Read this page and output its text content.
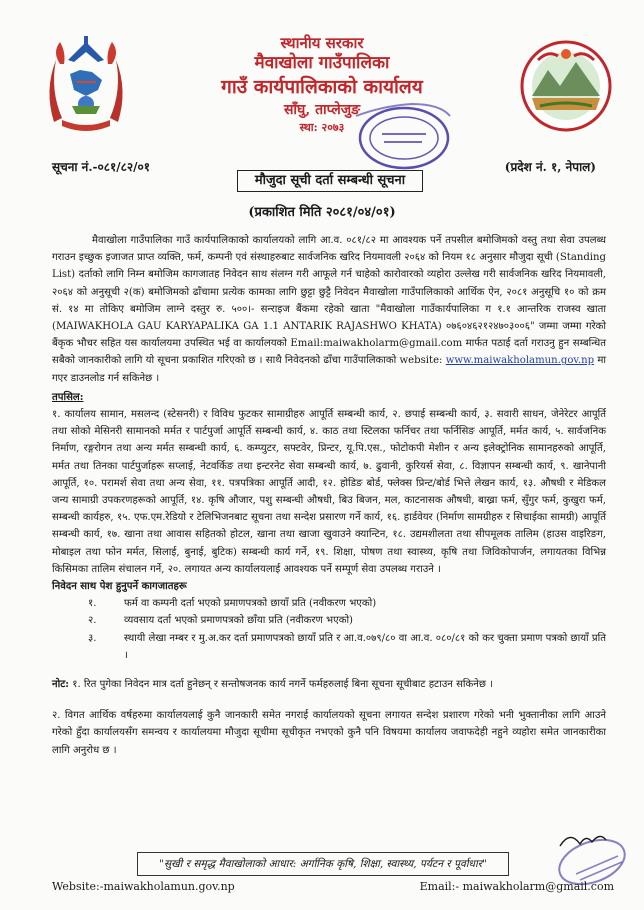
स्थानीय सरकार
मैवाखोला गाउँपालिका
गाउँ कार्यपालिकाको कार्यालय
साँघु, ताप्लेजुङ
स्था: २०७३
सूचना नं.-०८१/८२/०१	(प्रदेश नं. १, नेपाल)
मौजुदा सूची दर्ता सम्बन्धी सूचना
(प्रकाशित मिति २०८१/०४/०१)

मैवाखोला गाउँपालिका गाउँ कार्यपालिकाको कार्यालयको लागि आ.व. ०८१/८२ मा आवश्यक पर्ने तपसील बमोजिमको वस्तु तथा सेवा उपलब्ध गराउन इच्छुक इजाजत प्राप्त व्यक्ति, फर्म, कम्पनी एवं संस्थाहरुबाट सार्वजनिक खरिद नियमावली २०६४ को नियम १८ अनुसार मौजुदा सूची (Standing List) दर्ताको लागि निम्न बमोजिम कागजातह निवेदन साथ संलग्न गरी आफूले गर्न चाहेको कारोवारको व्यहोरा उल्लेख गरी सार्वजनिक खरिद नियमावली, २०६४ को अनुसूची २(क) बमोजिमको ढाँचामा प्रत्येक कामका लागि छुट्टा छुट्टै निवेदन मैवाखोला गाउँपालिकाको आर्थिक ऐन, २०८१ अनुसूचि १० को क्रम सं. १४ मा तोकिए बमोजिम लाग्ने दस्तुर रु. ५००।- सन्‍राइज बैंकमा रहेको खाता "मैवाखोला गाउँकार्यपालिका ग १.१ आन्तरिक राजस्व खाता (MAIWAKHOLA GAU KARYAPALIKA GA 1.1 ANTARIK RAJASHWO KHATA) ०७६०४६२१२४७०३००६" जम्मा जम्मा गरेको बैंकृक भौचर सहित यस कार्यालयमा उपस्थित भई वा कार्यालयको Email:maiwakholarm@gmail.com मार्फत पठाई दर्ता गराउनु हुन सम्बन्धित सबैको जानकारीको लागि यो सूचना प्रकाशित गरिएको छ । साथै निवेदनको ढाँचा गाउँपालिकाको website: www.maiwakholamun.gov.np मा गएर डाउनलोड गर्न सकिनेछ ।

तपसिल:

१. कार्यालय सामान, मसलन्द (स्टेसनरी) र विविध फुटकर सामाग्रीहरु आपूर्ति सम्बन्धी कार्य, २. छपाई सम्बन्धी कार्य, ३. सवारी साधन, जेनेरेटर आपूर्ति तथा सोको मेसिनरी सामानको मर्मत र पार्टपुर्जा आपूर्ति सम्बन्धी कार्य, ४. काठ तथा स्टिलका फर्निचर तथा फर्निसिङ आपूर्ति, मर्मत कार्य, ५. सार्वजनिक निर्माण, रङ्गरोगन तथा अन्य मर्मत सम्बन्धी कार्य, ६. कम्प्युटर, सफ्टवेर, प्रिन्टर, यू.पि.एस., फोटोकपी मेशीन र अन्य इलेक्ट्रोनिक सामानहरुको आपूर्ति, मर्मत तथा तिनका पार्टपुर्जाहरू सप्लाई, नेटवर्किङ तथा इन्टरनेट सेवा सम्बन्धी कार्य, ७. ढुवानी, कुरियर्स सेवा, ८. विज्ञापन सम्बन्धी कार्य, ९. खानेपानी आपूर्ति, १०. परामर्श सेवा तथा अन्य सेवा, ११. पत्रपत्रिका आपूर्ति आदी, १२. होडिङ बोर्ड, फ्लेक्स प्रिन्ट/बोर्ड भित्ते लेखन कार्य, १३. औषधी र मेडिकल जन्य सामाग्री उपकरणहरूको आपूर्ति, १४. कृषि औजार, पशु सम्बन्धी औषधी, बिउ बिजन, मल, काटनासक औषधी, बाख्रा फर्म, सुँगुर फर्म, कुखुरा फर्म, सम्बन्धी कार्यहरु, १५. एफ.एम.रेडियो र टेलिभिजनबाट सूचना तथा सन्देश प्रसारण गर्ने कार्य, १६. हार्डवेयर (निर्माण सामग्रीहरु र सिचाईका सामग्री) आपूर्ति सम्बन्धी कार्य, १७. खाना तथा आवास सहितको होटल, खाना तथा खाजा खुवाउने क्यान्टिन, १८. उद्यमशीलता तथा सीपमूलक तालिम (हाउस वाइरिङग, मोबाइल तथा फोन मर्मत, सिलाई, बुनाई, बुटिक) सम्बन्धी कार्य गर्ने, १९. शिक्षा, पोषण तथा स्वास्थ्य, कृषि तथा जिविकोपार्जन, लगायतका विभिन्न किसिमका तालिम संचालन गर्ने, २०. लगायत अन्य कार्यालयलाई आवश्यक पर्ने सम्पूर्ण सेवा उपलब्ध गराउने ।

निवेदन साथ पेश हुनुपर्ने कागजातहरू

१.	फर्म वा कम्पनी दर्ता भएको प्रमाणपत्रको छायाँ प्रति (नवीकरण भएको)
२.	व्यवसाय दर्ता भएको प्रमाणपत्रको छाँया प्रति (नवीकरण भएको)
३.	स्थायी लेखा नम्बर र मु.अ.कर दर्ता प्रमाणपत्रको छायाँ प्रति र आ.व.०७९/८० वा आ.व. ०८०/८१ को कर चुक्ता प्रमाण पत्रको छायाँ प्रति ।

नोट: १. रित पुगेका निवेदन मात्र दर्ता हुनेछन् र सन्तोषजनक कार्य नगर्ने फर्महरुलाई बिना सूचना सूचीबाट हटाउन सकिनेछ ।

२. विगत आर्थिक वर्षहरुमा कार्यालयलाई कुनै जानकारी समेत नगराई कार्यालयको सूचना लगायत सन्देश प्रशारण गरेको भनी भुक्तानीका लागि आउने गरेको हुँदा कार्यालयसँग समन्वय र कार्यालयमा मौजुदा सूचीमा सूचीकृत नभएको कुनै पनि विषयमा कार्यालय जवाफदेही नहुने व्यहोरा समेत जानकारीका लागि अनुरोध छ ।

"सुखी र समृद्ध मैवाखोलाको आधार: अर्गानिक कृषि, शिक्षा, स्वास्थ्य, पर्यटन र पूर्वाधार"
Website:-maiwakholamun.gov.np	Email:- maiwakholarm@gmail.com
